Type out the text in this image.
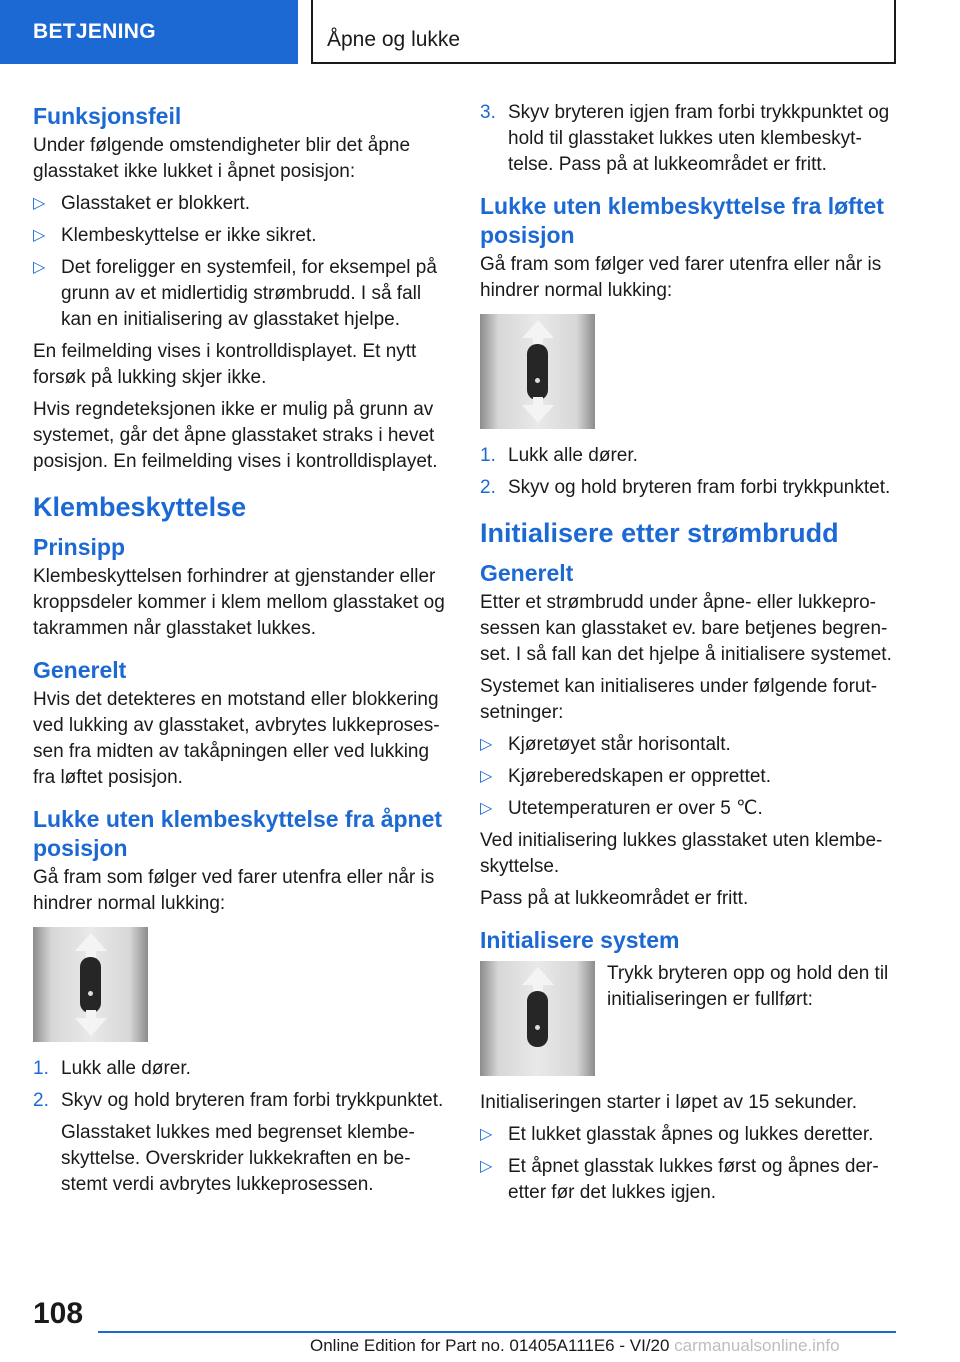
BETJENING	Åpne og lukke
Funksjonsfeil

Under følgende omstendigheter blir det åpne glasstaket ikke lukket i åpnet posisjon:

▷ Glasstaket er blokkert.
▷ Klembeskyttelse er ikke sikret.
▷ Det foreligger en systemfeil, for eksempel på grunn av et midlertidig strømbrudd. I så fall kan en initialisering av glasstaket hjelpe.

En feilmelding vises i kontrolldisplayet. Et nytt forsøk på lukking skjer ikke.

Hvis regndeteksjonen ikke er mulig på grunn av systemet, går det åpne glasstaket straks i hevet posisjon. En feilmelding vises i kontrolldisplayet.

Klembeskyttelse
Prinsipp

Klembeskyttelsen forhindrer at gjenstander eller kroppsdeler kommer i klem mellom glasstaket og takrammen når glasstaket lukkes.

Generelt

Hvis det detekteres en motstand eller blokkering ved lukking av glasstaket, avbrytes lukkeproses-sen fra midten av takåpningen eller ved lukking fra løftet posisjon.

Lukke uten klembeskyttelse fra åpnet posisjon

Gå fram som følger ved farer utenfra eller når is hindrer normal lukking:

1. Lukk alle dører.
2. Skyv og hold bryteren fram forbi trykkpunktet.

Glasstaket lukkes med begrenset klembe-skyttelse. Overskrider lukkekraften en be-stemt verdi avbrytes lukkeprosessen.

3. Skyv bryteren igjen fram forbi trykkpunktet og hold til glasstaket lukkes uten klembeskyt-telse. Pass på at lukkeområdet er fritt.
Lukke uten klembeskyttelse fra løftet posisjon

Gå fram som følger ved farer utenfra eller når is hindrer normal lukking:

1. Lukk alle dører.
2. Skyv og hold bryteren fram forbi trykkpunktet.
Initialisere etter strømbrudd
Generelt

Etter et strømbrudd under åpne- eller lukkepro-sessen kan glasstaket ev. bare betjenes begren-set. I så fall kan det hjelpe å initialisere systemet.

Systemet kan initialiseres under følgende forut-setninger:

▷ Kjøretøyet står horisontalt.
▷ Kjøreberedskapen er opprettet.
▷ Utetemperaturen er over 5 ℃.

Ved initialisering lukkes glasstaket uten klembe-skyttelse.

Pass på at lukkeområdet er fritt.

Initialisere system

Trykk bryteren opp og hold den til initialiseringen er fullført:

Initialiseringen starter i løpet av 15 sekunder.

▷ Et lukket glasstak åpnes og lukkes deretter.
▷ Et åpnet glasstak lukkes først og åpnes der-etter før det lukkes igjen.
108
Online Edition for Part no. 01405A111E6 - VI/20 carmanualsonline.info
